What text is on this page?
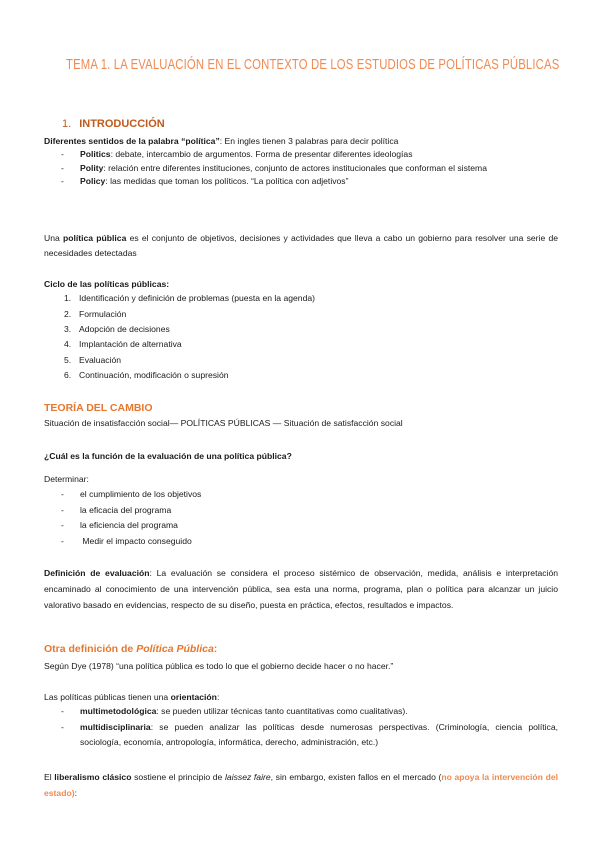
TEMA 1. LA EVALUACIÓN EN EL CONTEXTO DE LOS ESTUDIOS DE POLÍTICAS PÚBLICAS
1. INTRODUCCIÓN

Diferentes sentidos de la palabra “política”: En ingles tienen 3 palabras para decir política

- Politics: debate, intercambio de argumentos. Forma de presentar diferentes ideologías
- Polity: relación entre diferentes instituciones, conjunto de actores institucionales que conforman el sistema
- Policy: las medidas que toman los políticos. “La política con adjetivos”
Una política pública es el conjunto de objetivos, decisiones y actividades que lleva a cabo un gobierno para resolver una serie de necesidades detectadas

Ciclo de las políticas públicas:

1. Identificación y definición de problemas (puesta en la agenda)
2. Formulación
3. Adopción de decisiones
4. Implantación de alternativa
5. Evaluación
6. Continuación, modificación o supresión
TEORÍA DEL CAMBIO
Situación de insatisfacción social— POLÍTICAS PÚBLICAS — Situación de satisfacción social
¿Cuál es la función de la evaluación de una política pública?

Determinar:

- el cumplimiento de los objetivos
- la eficacia del programa
- la eficiencia del programa
-  Medir el impacto conseguido
Definición de evaluación: La evaluación se considera el proceso sistémico de observación, medida, análisis e interpretación encaminado al conocimiento de una intervención pública, sea esta una norma, programa, plan o política para alcanzar un juicio valorativo basado en evidencias, respecto de su diseño, puesta en práctica, efectos, resultados e impactos.
Otra definición de Política Pública:
Según Dye (1978) “una política pública es todo lo que el gobierno decide hacer o no hacer.”

Las políticas públicas tienen una orientación:

- multimetodológica: se pueden utilizar técnicas tanto cuantitativas como cualitativas).
- multidisciplinaria: se pueden analizar las políticas desde numerosas perspectivas. (Criminología, ciencia política, sociología, economía, antropología, informática, derecho, administración, etc.)
El liberalismo clásico sostiene el principio de laissez faire, sin embargo, existen fallos en el mercado (no apoya la intervención del estado):
